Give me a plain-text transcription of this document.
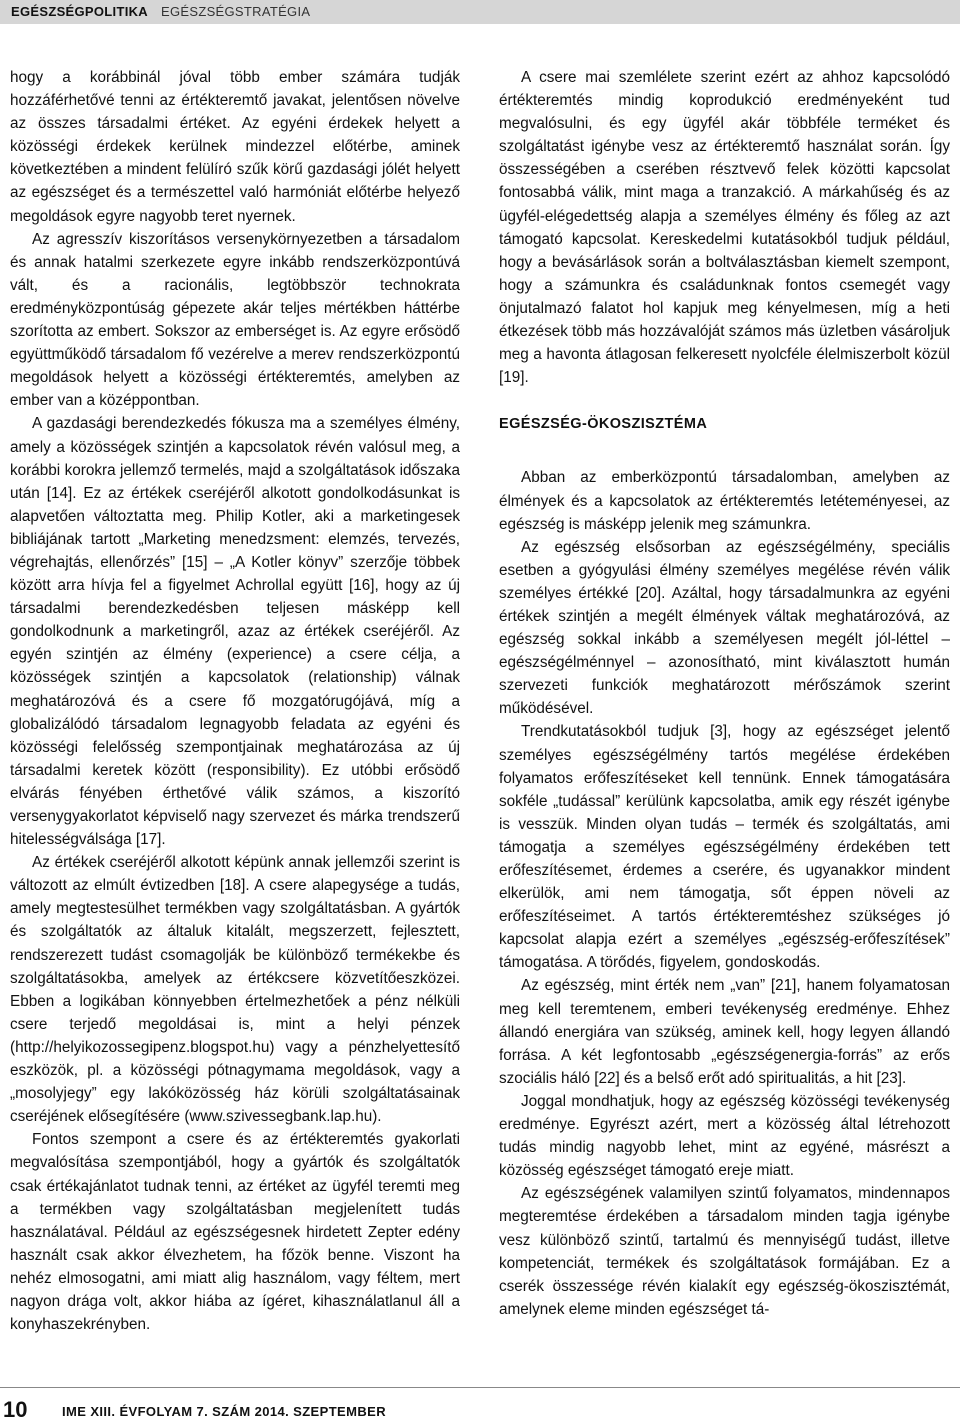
EGÉSZSÉGPOLITIKA EGÉSZSÉGSTRATÉGIA

hogy a korábbinál jóval több ember számára tudják hozzáférhetővé tenni az értékteremtő javakat, jelentősen növelve az összes társadalmi értéket. Az egyéni érdekek helyett a közösségi érdekek kerülnek mindezzel előtérbe, aminek következtében a mindent felülíró szűk körű gazdasági jólét helyett az egészséget és a természettel való harmóniát előtérbe helyező megoldások egyre nagyobb teret nyernek.

Az agresszív kiszorításos versenykörnyezetben a társadalom és annak hatalmi szerkezete egyre inkább rendszerközpontúvá vált, és a racionális, legtöbbször technokrata eredményközpontúság gépezete akár teljes mértékben háttérbe szorította az embert. Sokszor az emberséget is. Az egyre erősödő együttműködő társadalom fő vezérelve a merev rendszerközpontú megoldások helyett a közösségi értékteremtés, amelyben az ember van a középpontban.

A gazdasági berendezkedés fókusza ma a személyes élmény, amely a közösségek szintjén a kapcsolatok révén valósul meg, a korábbi korokra jellemző termelés, majd a szolgáltatások időszaka után [14]. Ez az értékek cseréjéről alkotott gondolkodásunkat is alapvetően változtatta meg. Philip Kotler, aki a marketingesek bibliájának tartott „Marketing menedzsment: elemzés, tervezés, végrehajtás, ellenőrzés” [15] – „A Kotler könyv” szerzője többek között arra hívja fel a figyelmet Achrollal együtt [16], hogy az új társadalmi berendezkedésben teljesen másképp kell gondolkodnunk a marketingről, azaz az értékek cseréjéről. Az egyén szintjén az élmény (experience) a csere célja, a közösségek szintjén a kapcsolatok (relationship) válnak meghatározóvá és a csere fő mozgatórugójává, míg a globalizálódó társadalom legnagyobb feladata az egyéni és közösségi felelősség szempontjainak meghatározása az új társadalmi keretek között (responsibility). Ez utóbbi erősödő elvárás fényében érthetővé válik számos, a kiszorító versenygyakorlatot képviselő nagy szervezet és márka trendszerű hitelességválsága [17].

Az értékek cseréjéről alkotott képünk annak jellemzői szerint is változott az elmúlt évtizedben [18]. A csere alapegysége a tudás, amely megtestesülhet termékben vagy szolgáltatásban. A gyártók és szolgáltatók az általuk kitalált, megszerzett, fejlesztett, rendszerezett tudást csomagolják be különböző termékekbe és szolgáltatásokba, amelyek az értékcsere közvetítőeszközei. Ebben a logikában könnyebben értelmezhetőek a pénz nélküli csere terjedő megoldásai is, mint a helyi pénzek (http://helyikozossegipenz.blogspot.hu) vagy a pénzhelyettesítő eszközök, pl. a közösségi pótnagymama megoldások, vagy a „mosolyjegy” egy lakóközösség ház körüli szolgáltatásainak cseréjének elősegítésére (www.szivessegbank.lap.hu).

Fontos szempont a csere és az értékteremtés gyakorlati megvalósítása szempontjából, hogy a gyártók és szolgáltatók csak értékajánlatot tudnak tenni, az értéket az ügyfél teremti meg a termékben vagy szolgáltatásban megjelenített tudás használatával. Például az egészségesnek hirdetett Zepter edény használt csak akkor élvezhetem, ha főzök benne. Viszont ha nehéz elmosogatni, ami miatt alig használom, vagy féltem, mert nagyon drága volt, akkor hiába az ígéret, kihasználatlanul áll a konyhaszekrényben.

A csere mai szemlélete szerint ezért az ahhoz kapcsolódó értékteremtés mindig koprodukció eredményeként tud megvalósulni, és egy ügyfél akár többféle terméket és szolgáltatást igénybe vesz az értékteremtő használat során. Így összességében a cserében résztvevő felek közötti kapcsolat fontosabbá válik, mint maga a tranzakció. A márkahűség és az ügyfél-elégedettség alapja a személyes élmény és főleg az azt támogató kapcsolat. Kereskedelmi kutatásokból tudjuk például, hogy a bevásárlások során a boltválasztásban kiemelt szempont, hogy a számunkra és családunknak fontos csemegét vagy önjutalmazó falatot hol kapjuk meg kényelmesen, míg a heti étkezések több más hozzávalóját számos más üzletben vásároljuk meg a havonta átlagosan felkeresett nyolcféle élelmiszerbolt közül [19].

EGÉSZSÉG-ÖKOSZISZTÉMA

Abban az emberközpontú társadalomban, amelyben az élmények és a kapcsolatok az értékteremtés letéteményesei, az egészség is másképp jelenik meg számunkra.

Az egészség elsősorban az egészségélmény, speciális esetben a gyógyulási élmény személyes megélése révén válik személyes értékké [20]. Azáltal, hogy társadalmunkra az egyéni értékek szintjén a megélt élmények váltak meghatározóvá, az egészség sokkal inkább a személyesen megélt jól-léttel – egészségélménnyel – azonosítható, mint kiválasztott humán szervezeti funkciók meghatározott mérőszámok szerint működésével.

Trendkutatásokból tudjuk [3], hogy az egészséget jelentő személyes egészségélmény tartós megélése érdekében folyamatos erőfeszítéseket kell tennünk. Ennek támogatására sokféle „tudással” kerülünk kapcsolatba, amik egy részét igénybe is vesszük. Minden olyan tudás – termék és szolgáltatás, ami támogatja a személyes egészségélmény érdekében tett erőfeszítésemet, érdemes a cserére, és ugyanakkor mindent elkerülök, ami nem támogatja, sőt éppen növeli az erőfeszítéseimet. A tartós értékteremtéshez szükséges jó kapcsolat alapja ezért a személyes „egészség-erőfeszítések” támogatása. A törődés, figyelem, gondoskodás.

Az egészség, mint érték nem „van” [21], hanem folyamatosan meg kell teremtenem, emberi tevékenység eredménye. Ehhez állandó energiára van szükség, aminek kell, hogy legyen állandó forrása. A két legfontosabb „egészségenergia-forrás” az erős szociális háló [22] és a belső erőt adó spiritualitás, a hit [23].

Joggal mondhatjuk, hogy az egészség közösségi tevékenység eredménye. Egyrészt azért, mert a közösség által létrehozott tudás mindig nagyobb lehet, mint az egyéné, másrészt a közösség egészséget támogató ereje miatt.

Az egészségének valamilyen szintű folyamatos, mindennapos megteremtése érdekében a társadalom minden tagja igénybe vesz különböző szintű, tartalmú és mennyiségű tudást, illetve kompetenciát, termékek és szolgáltatások formájában. Ez a cserék összessége révén kialakít egy egészség-ökoszisztémát, amelynek eleme minden egészséget tá-

10	IME XIII. ÉVFOLYAM 7. SZÁM 2014. SZEPTEMBER
